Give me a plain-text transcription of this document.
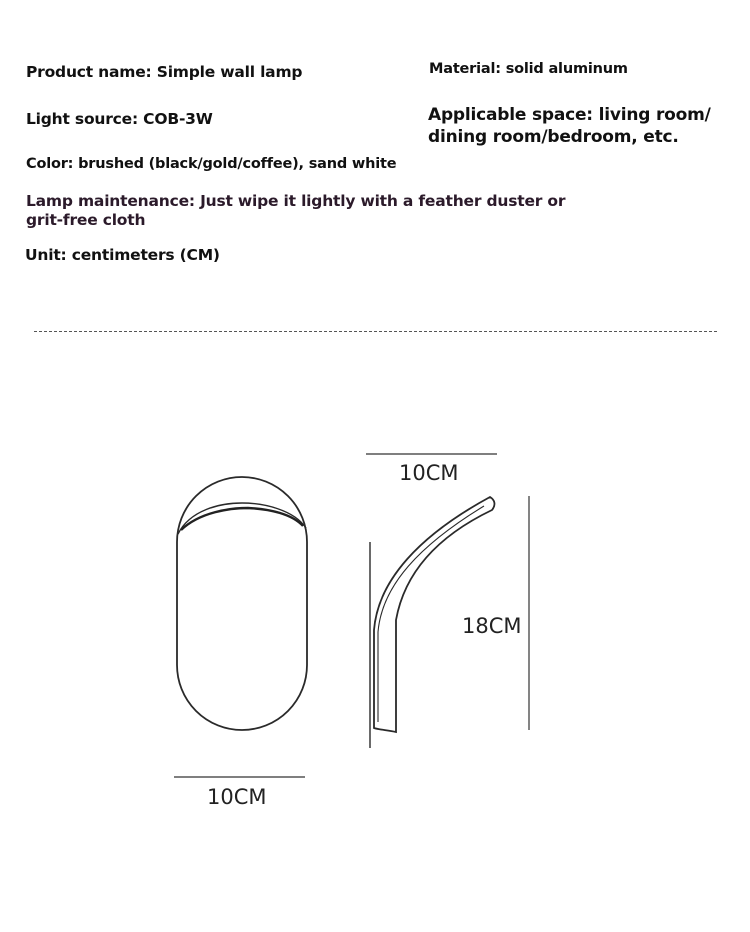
Product name: Simple wall lamp	Material: solid aluminum
Light source: COB-3W	Applicable space: living room/ dining room/bedroom, etc.
Color: brushed (black/gold/coffee), sand white
Lamp maintenance: Just wipe it lightly with a feather duster or grit-free cloth
Unit: centimeters (CM)
10CM
10CM
18CM
